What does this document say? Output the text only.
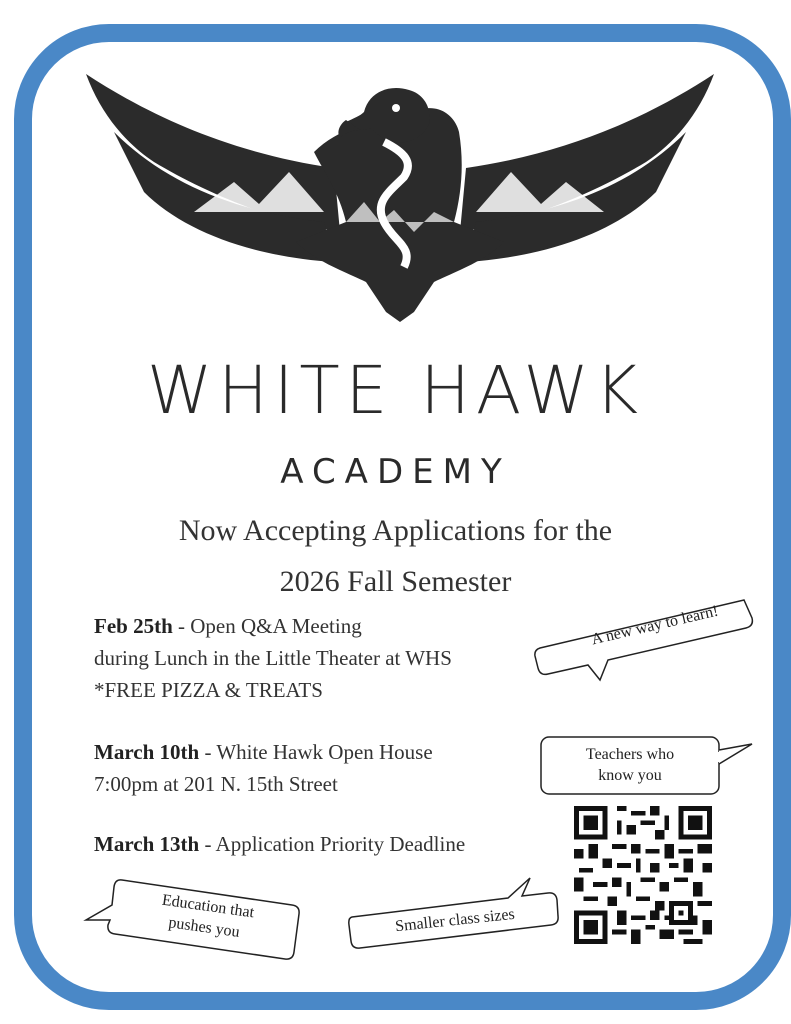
WHITE HAWK
ACADEMY
Now Accepting Applications for the
2026 Fall Semester
Feb 25th - Open Q&A Meeting
during Lunch in the Little Theater at WHS
*FREE PIZZA & TREATS
March 10th - White Hawk Open House
7:00pm at 201 N. 15th Street
March 13th - Application Priority Deadline
A new way to learn!
Teachers who
know you
Education that
pushes you	Smaller class sizes
